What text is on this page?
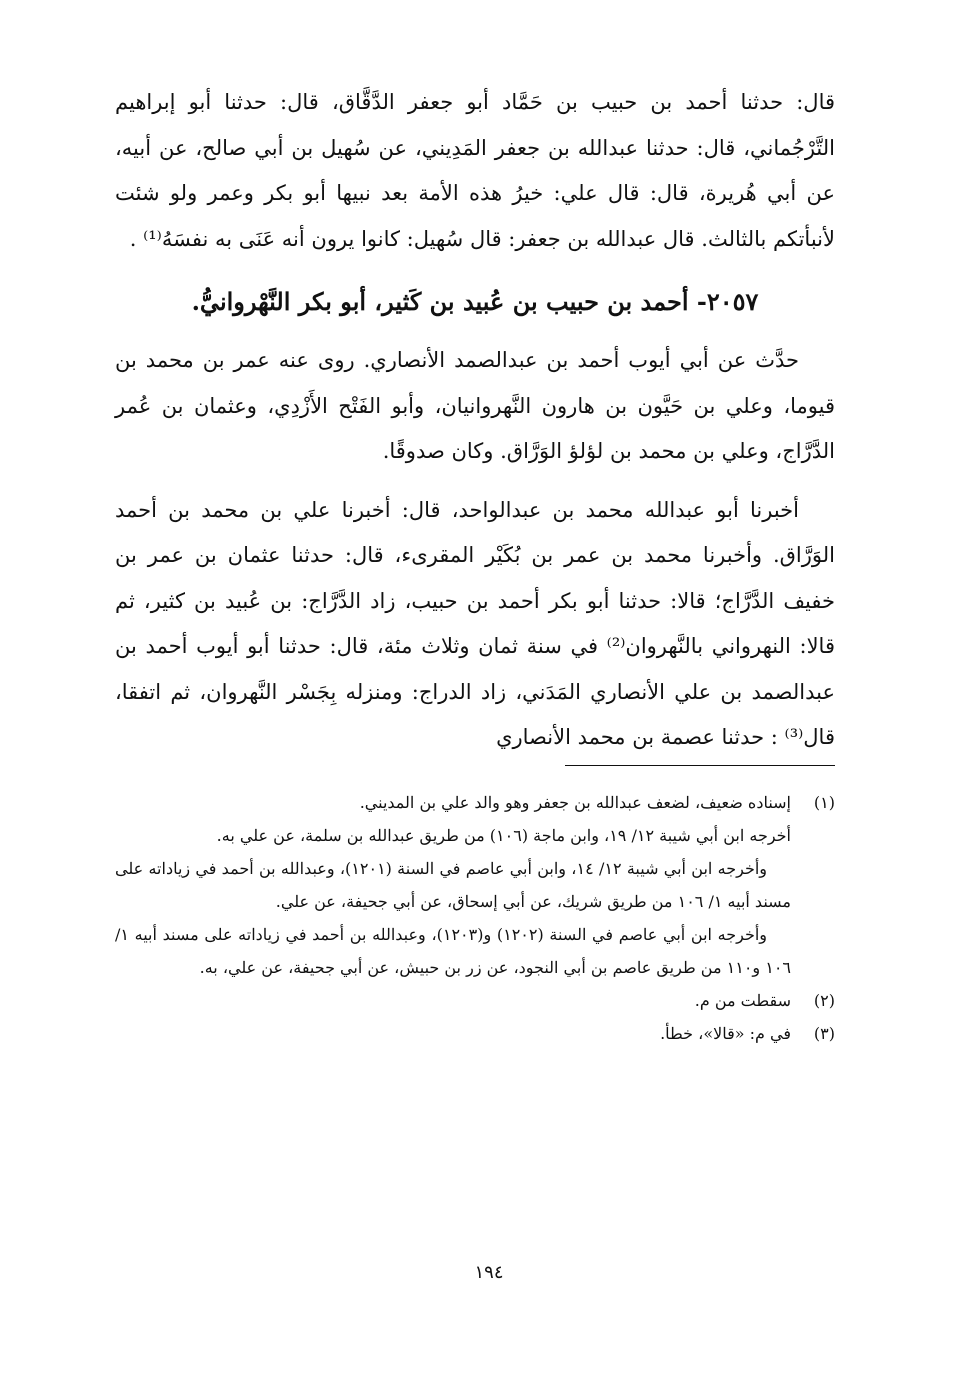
قال: حدثنا أحمد بن حبيب بن حَمَّاد أبو جعفر الدَّقَّاق، قال: حدثنا أبو إبراهيم التَّرْجُماني، قال: حدثنا عبدالله بن جعفر المَدِيني، عن سُهيل بن أبي صالح، عن أبيه، عن أبي هُريرة، قال: قال علي: خيرُ هذه الأمة بعد نبيها أبو بكر وعمر ولو شئت لأنبأتكم بالثالث. قال عبدالله بن جعفر: قال سُهيل: كانوا يرون أنه عَنَى به نفسَهُ⁽¹⁾ .

٢٠٥٧- أحمد بن حبيب بن عُبيد بن كَثير، أبو بكر النَّهْروانيُّ.

حدَّث عن أبي أيوب أحمد بن عبدالصمد الأنصاري. روى عنه عمر بن محمد بن قيوما، وعلي بن حَيَّون بن هارون النَّهروانيان، وأبو الفَتْح الأَزْدِي، وعثمان بن عُمر الدَّرَّاج، وعلي بن محمد بن لؤلؤ الوَرَّاق. وكان صدوقًا.

أخبرنا أبو عبدالله محمد بن عبدالواحد، قال: أخبرنا علي بن محمد بن أحمد الوَرَّاق. وأخبرنا محمد بن عمر بن بُكَيْر المقرىء، قال: حدثنا عثمان بن عمر بن خفيف الدَّرَّاج؛ قالا: حدثنا أبو بكر أحمد بن حبيب، زاد الدَّرَّاج: بن عُبيد بن كثير، ثم قالا: النهرواني بالنَّهروان⁽²⁾ في سنة ثمان وثلاث مئة، قال: حدثنا أبو أيوب أحمد بن عبدالصمد بن علي الأنصاري المَدَني، زاد الدراج: ومنزله بِجَسْر النَّهروان، ثم اتفقا، قال⁽³⁾ : حدثنا عصمة بن محمد الأنصاري

(١)
إسناده ضعيف، لضعف عبدالله بن جعفر وهو والد علي بن المديني.
أخرجه ابن أبي شيبة ١٢/ ١٩، وابن ماجة (١٠٦) من طريق عبدالله بن سلمة، عن علي به.
وأخرجه ابن أبي شيبة ١٢/ ١٤، وابن أبي عاصم في السنة (١٢٠١)، وعبدالله بن أحمد في زياداته على مسند أبيه ١/ ١٠٦ من طريق شريك، عن أبي إسحاق، عن أبي جحيفة، عن علي.
وأخرجه ابن أبي عاصم في السنة (١٢٠٢) و(١٢٠٣)، وعبدالله بن أحمد في زياداته على مسند أبيه ١/ ١٠٦ و١١٠ من طريق عاصم بن أبي النجود، عن زر بن حبيش، عن أبي جحيفة، عن علي، به.
(٢)
سقطت من م.
(٣)
في م: «قالا»، خطأ.
١٩٤
